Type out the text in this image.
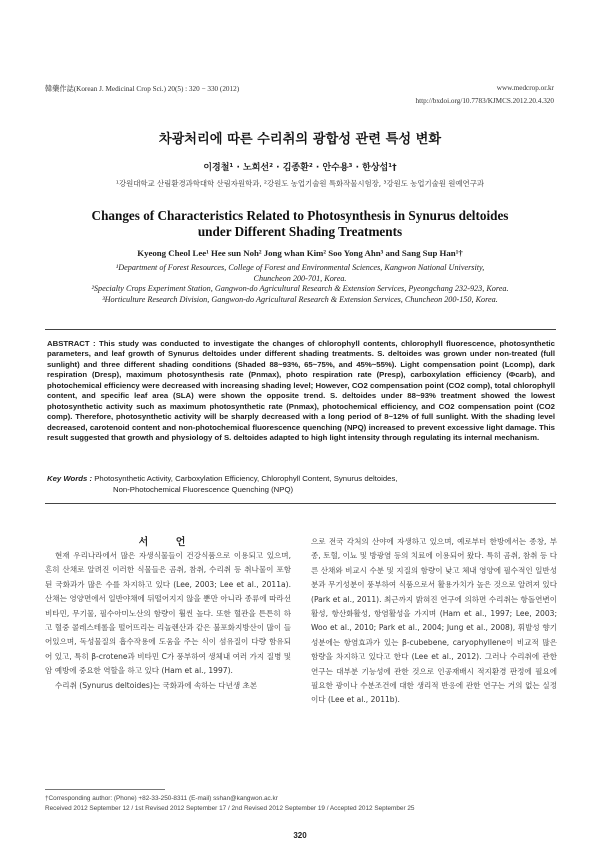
韓藥作誌(Korean J. Medicinal Crop Sci.) 20(5) : 320 − 330 (2012)	www.medcrop.or.kr
http://bxdoi.org/10.7783/KJMCS.2012.20.4.320
차광처리에 따른 수리취의 광합성 관련 특성 변화
이경철¹ · 노희선² · 김종환² · 안수용³ · 한상섭¹†
¹강원대학교 산림환경과학대학 산림자원학과, ²강원도 농업기술원 특화작물시험장, ³강원도 농업기술원 원예연구과
Changes of Characteristics Related to Photosynthesis in Synurus deltoides
under Different Shading Treatments
Kyeong Cheol Lee¹ Hee sun Noh² Jong whan Kim² Soo Yong Ahn³ and Sang Sup Han¹†
¹Department of Forest Resources, College of Forest and Environmental Sciences, Kangwon National University,
Chuncheon 200-701, Korea.
²Specialty Crops Experiment Station, Gangwon-do Agricultural Research & Extension Services, Pyeongchang 232-923, Korea.
³Horticulture Research Division, Gangwon-do Agricultural Research & Extension Services, Chuncheon 200-150, Korea.
ABSTRACT : This study was conducted to investigate the changes of chlorophyll contents, chlorophyll fluorescence, photosynthetic parameters, and leaf growth of Synurus deltoides under different shading treatments. S. deltoides was grown under non-treated (full sunlight) and three different shading conditions (Shaded 88~93%, 65~75%, and 45%~55%). Light compensation point (Lcomp), dark respiration (Dresp), maximum photosynthesis rate (Pnmax), photo respiration rate (Presp), carboxylation efficiency (Φcarb), and photochemical efficiency were decreased with increasing shading level; However, CO2 compensation point (CO2 comp), total chlorophyll content, and specific leaf area (SLA) were shown the opposite trend. S. deltoides under 88~93% treatment showed the lowest photosynthetic activity such as maximum photosynthetic rate (Pnmax), photochemical efficiency, and CO2 compensation point (CO2 comp). Therefore, photosynthetic activity will be sharply decreased with a long period of 8~12% of full sunlight. With the shading level decreased, carotenoid content and non-photochemical fluorescence quenching (NPQ) increased to prevent excessive light damage. This result suggested that growth and physiology of S. deltoides adapted to high light intensity through regulating its internal mechanism.
Key Words : Photosynthetic Activity, Carboxylation Efficiency, Chlorophyll Content, Synurus deltoides,
Non-Photochemical Fluorescence Quenching (NPQ)
서 언

현재 우리나라에서 많은 자생식물들이 건강식품으로 이용되고 있으며, 흔히 산채로 알려진 이러한 식물들은 곰취, 참취, 수리취 등 취나물이 포함된 국화과가 많은 수를 차지하고 있다 (Lee, 2003; Lee et al., 2011a). 산채는 영양면에서 일반야채에 뒤떨어지지 않을 뿐만 아니라 종류에 따라선 비타민, 무기물, 필수아미노산의 함량이 훨씬 높다. 또한 혈관을 튼튼히 하고 혈중 콜레스테롤을 떨어뜨리는 리놀렌산과 같은 불포화지방산이 많이 들어있으며, 독성물질의 흡수작용에 도움을 주는 식이 섬유질이 다량 함유되어 있고, 특히 β-crotene과 비타민 C가 풍부하여 생체내 여러 가지 질병 및 암 예방에 중요한 역할을 하고 있다 (Ham et al., 1997).

수리취 (Synurus deltoides)는 국화과에 속하는 다년생 초본

으로 전국 각처의 산야에 자생하고 있으며, 예로부터 한방에서는 종창, 부종, 토혈, 이뇨 및 방광염 등의 치료에 이용되어 왔다. 특히 곰취, 참취 등 다른 산채와 비교시 수분 및 지질의 함량이 낮고 체내 영양에 필수적인 일반성분과 무기성분이 풍부하여 식품으로서 활용가치가 높은 것으로 알려져 있다 (Park et al., 2011). 최근까지 밝혀진 연구에 의하면 수리취는 항돌연변이활성, 항산화활성, 항염활성을 가지며 (Ham et al., 1997; Lee, 2003; Woo et al., 2010; Park et al., 2004; Jung et al., 2008), 휘발성 향기성분에는 항염효과가 있는 β-cubebene, caryophyllene이 비교적 많은 함량을 차지하고 있다고 한다 (Lee et al., 2012). 그러나 수리취에 관한 연구는 대부분 기능성에 관한 것으로 인공재배시 적지환경 판정에 필요에 필요한 광이나 수분조건에 대한 생리적 반응에 관한 연구는 거의 없는 실정이다 (Lee et al., 2011b).

†Corresponding author: (Phone) +82-33-250-8311 (E-mail) sshan@kangwon.ac.kr
Received 2012 September 12 / 1st Revised 2012 September 17 / 2nd Revised 2012 September 19 / Accepted 2012 September 25
320
